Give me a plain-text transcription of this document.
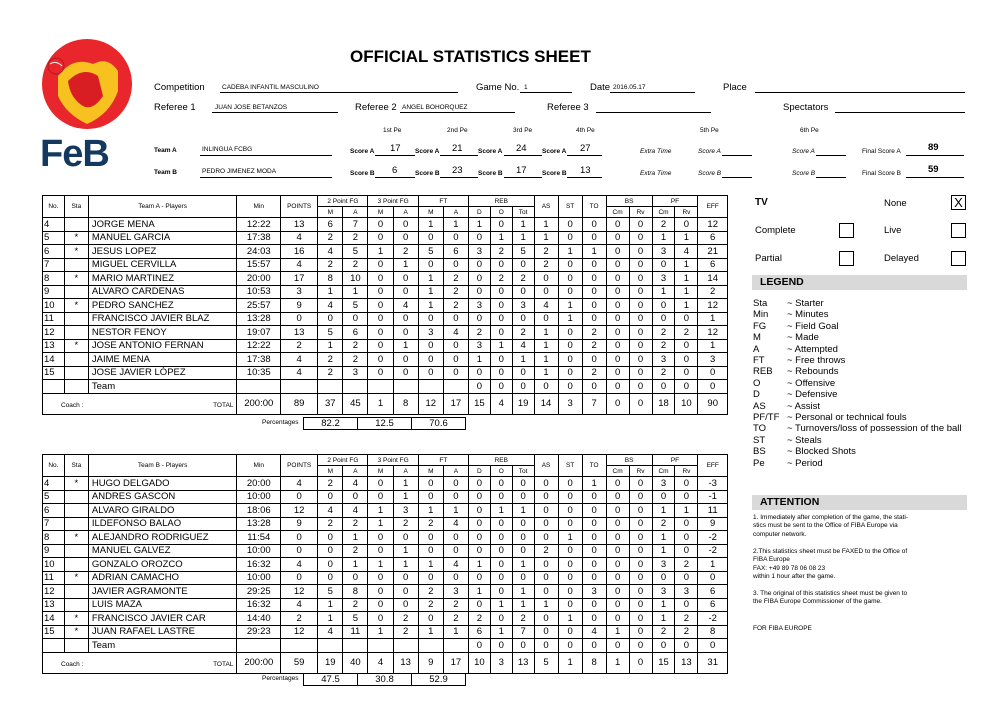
FeB
OFFICIAL STATISTICS SHEET
Competition	CADEBA INFANTIL MASCULINO	Game No. 1	Date 2016.05.17	Place
Referee 1	JUAN JOSE BETANZOS	Referee 2 ANGEL BOHORQUEZ	Referee 3	Spectators
1st Pe	2nd Pe	3rd Pe	4th Pe	5th Pe	6th Pe
Team A	INLINGUA FCBG	Score A 17 Score A 21 Score A 24 Score A 27	Extra Time	Score A	Score A	Final Score A	89
Team B	PEDRO JIMENEZ MODA	Score B 6	Score B 23 Score B 17 Score B 13	Extra Time	Score B	Score B	Final Score B	59
No.	Sta	Team A - Players	Min	POINTS	2 Point FG		3 Point FG		FT		REB			AS	ST	TO	BS		PF		EFF
					M	A	M	A	M	A	D	O	Tot				Cm	Rv	Cm	Rv	
4		JORGE MENA	12:22	13	6	7	0	0	1	1	1	0	1	1	0	0	0	0	2	0	12
5	*	MANUEL GARCIA	17:38	4	2	2	0	0	0	0	0	1	1	1	0	0	0	0	1	1	6
6	*	JESUS LOPEZ	24:03	16	4	5	1	2	5	6	3	2	5	2	1	1	0	0	3	4	21
7		MIGUEL CERVILLA	15:57	4	2	2	0	1	0	0	0	0	0	2	0	0	0	0	0	1	6
8	*	MARIO MARTINEZ	20:00	17	8	10	0	0	1	2	0	2	2	0	0	0	0	0	3	1	14
9		ALVARO CARDENAS	10:53	3	1	1	0	0	1	2	0	0	0	0	0	0	0	0	1	1	2
10	*	PEDRO SANCHEZ	25:57	9	4	5	0	4	1	2	3	0	3	4	1	0	0	0	0	1	12
11		FRANCISCO JAVIER BLAZ	13:28	0	0	0	0	0	0	0	0	0	0	0	1	0	0	0	0	0	1
12		NESTOR FENOY	19:07	13	5	6	0	0	3	4	2	0	2	1	0	2	0	0	2	2	12
13	*	JOSE ANTONIO FERNAN	12:22	2	1	2	0	1	0	0	3	1	4	1	0	2	0	0	2	0	1
14		JAIME MENA	17:38	4	2	2	0	0	0	0	1	0	1	1	0	0	0	0	3	0	3
15		JOSE JAVIER LÓPEZ	10:35	4	2	3	0	0	0	0	0	0	0	1	0	2	0	0	2	0	0
		Team									0	0	0	0	0	0	0	0	0	0	0

Coach : TOTAL			200:00	89	37	45	1	8	12	17	15	4	19	14	3	7	0	0	18	10	90
Percentages 82.2	12.5	70.6
No.	Sta	Team B - Players	Min	POINTS	2 Point FG		3 Point FG		FT		REB			AS	ST	TO	BS		PF		EFF
					M	A	M	A	M	A	D	O	Tot				Cm	Rv	Cm	Rv	
4	*	HUGO DELGADO	20:00	4	2	4	0	1	0	0	0	0	0	0	0	1	0	0	3	0	-3
5		ANDRES GASCON	10:00	0	0	0	0	1	0	0	0	0	0	0	0	0	0	0	0	0	-1
6		ALVARO GIRALDO	18:06	12	4	4	1	3	1	1	0	1	1	0	0	0	0	0	1	1	11
7		ILDEFONSO BALAO	13:28	9	2	2	1	2	2	4	0	0	0	0	0	0	0	0	2	0	9
8	*	ALEJANDRO RODRIGUEZ	11:54	0	0	1	0	0	0	0	0	0	0	0	1	0	0	0	1	0	-2
9		MANUEL GALVEZ	10:00	0	0	2	0	1	0	0	0	0	0	2	0	0	0	0	1	0	-2
10		GONZALO OROZCO	16:32	4	0	1	1	1	1	4	1	0	1	0	0	0	0	0	3	2	1
11	*	ADRIAN CAMACHO	10:00	0	0	0	0	0	0	0	0	0	0	0	0	0	0	0	0	0	0
12		JAVIER AGRAMONTE	29:25	12	5	8	0	0	2	3	1	0	1	0	0	3	0	0	3	3	6
13		LUIS MAZA	16:32	4	1	2	0	0	2	2	0	1	1	1	0	0	0	0	1	0	6
14	*	FRANCISCO JAVIER CAR	14:40	2	1	5	0	2	0	2	2	0	2	0	1	0	0	0	1	2	-2
15	*	JUAN RAFAEL LASTRE	29:23	12	4	11	1	2	1	1	6	1	7	0	0	4	1	0	2	2	8
		Team									0	0	0	0	0	0	0	0	0	0	0

Coach : TOTAL			200:00	59	19	40	4	13	9	17	10	3	13	5	1	8	1	0	15	13	31
Percentages 47.5	30.8	52.9
TV	None	X
Complete	Live
Partial	Delayed
LEGEND
Sta ~ Starter
Min ~ Minutes
FG ~ Field Goal
M	~ Made
A	~ Attempted
FT ~ Free throws
REB ~ Rebounds
O	~ Offensive
D	~ Defensive
AS ~ Assist
PF/TF ~ Personal or technical fouls
TO ~ Turnovers/loss of possession of the ball
ST ~ Steals
BS ~ Blocked Shots
Pe ~ Period
ATTENTION
1. Immediately after completion of the game, the stati-
stics must be sent to the Office of FIBA Europe via
computer network.
2.This statistics sheet must be FAXED to the Office of
FIBA Europe
FAX: +49 89 78 06 08 23
within 1 hour after the game.
3. The original of this statistics sheet must be given to
the FIBA Europe Commissioner of the game.
FOR FIBA EUROPE
